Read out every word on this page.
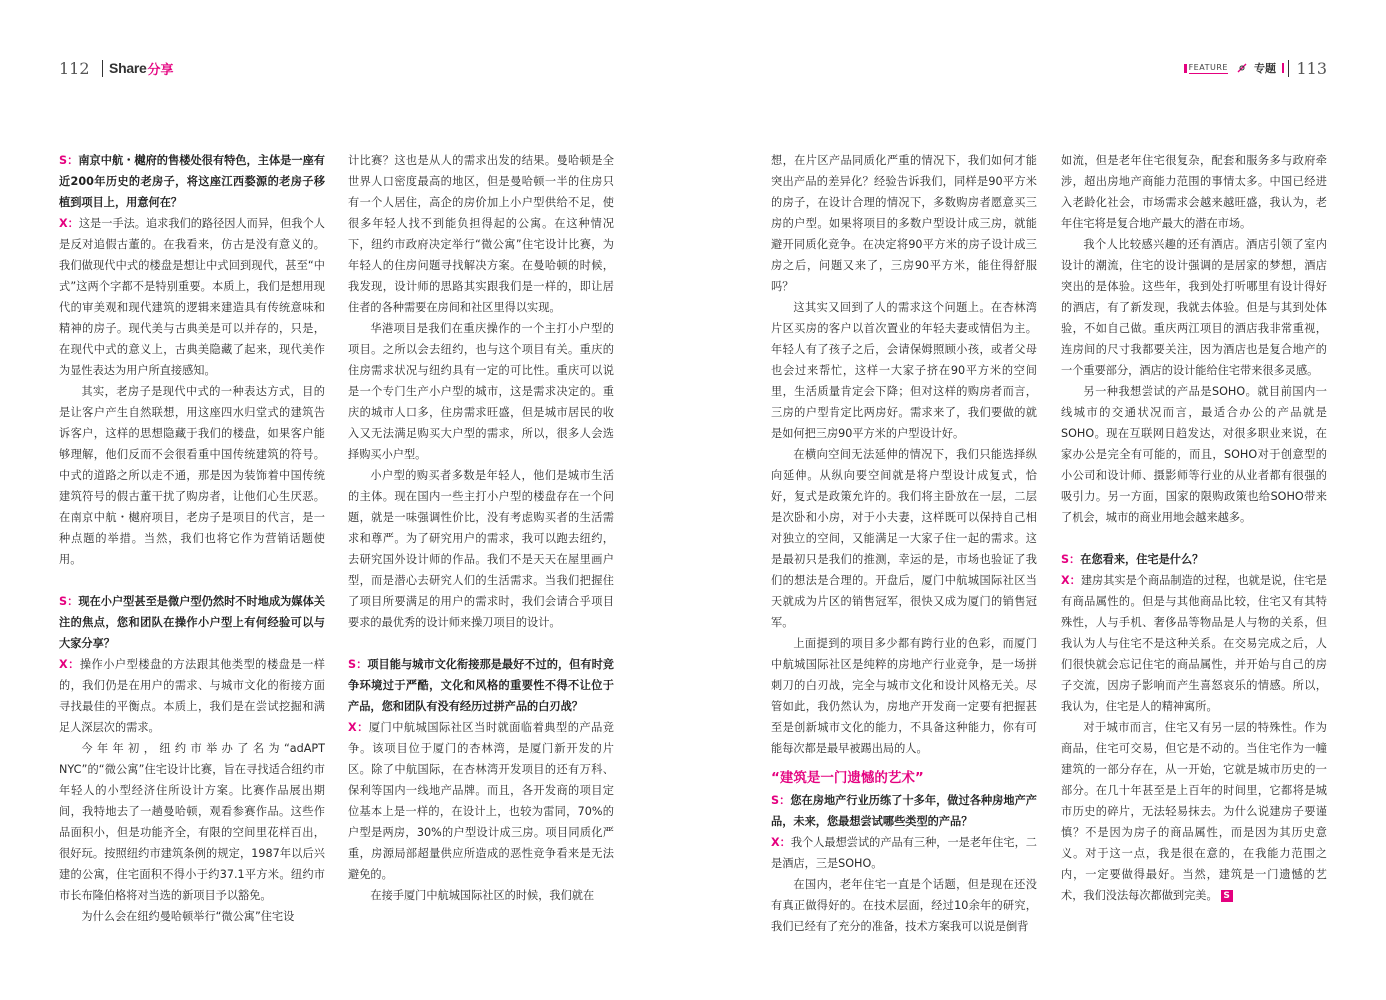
112 Share 分享	FEATURE 专题 113

S：南京中航・樾府的售楼处很有特色，主体是一座有近200年历史的老房子，将这座江西婺源的老房子移植到项目上，用意何在？

X：这是一手法。追求我们的路径因人而异，但我个人是反对追假古董的。在我看来，仿古是没有意义的。我们做现代中式的楼盘是想让中式回到现代，甚至“中式”这两个字都不是特别重要。本质上，我们是想用现代的审美观和现代建筑的逻辑来建造具有传统意味和精神的房子。现代美与古典美是可以并存的，只是，在现代中式的意义上，古典美隐藏了起来，现代美作为显性表达为用户所直接感知。

其实，老房子是现代中式的一种表达方式，目的是让客户产生自然联想，用这座四水归堂式的建筑告诉客户，这样的思想隐藏于我们的楼盘，如果客户能够理解，他们反而不会很看重中国传统建筑的符号。中式的道路之所以走不通，那是因为装饰着中国传统建筑符号的假古董干扰了购房者，让他们心生厌恶。在南京中航・樾府项目，老房子是项目的代言，是一种点题的举措。当然，我们也将它作为营销话题使用。

S：现在小户型甚至是微户型仍然时不时地成为媒体关注的焦点，您和团队在操作小户型上有何经验可以与大家分享？

X：操作小户型楼盘的方法跟其他类型的楼盘是一样的，我们仍是在用户的需求、与城市文化的衔接方面寻找最佳的平衡点。本质上，我们是在尝试挖掘和满足人深层次的需求。

今年年初，纽约市举办了名为“adAPT NYC”的“微公寓”住宅设计比赛，旨在寻找适合纽约市年轻人的小型经济住所设计方案。比赛作品展出期间，我特地去了一趟曼哈顿，观看参赛作品。这些作品面积小，但是功能齐全，有限的空间里花样百出，很好玩。按照纽约市建筑条例的规定，1987年以后兴建的公寓，住宅面积不得小于约37.1平方米。纽约市市长布隆伯格将对当选的新项目予以豁免。

为什么会在纽约曼哈顿举行“微公寓”住宅设

计比赛？这也是从人的需求出发的结果。曼哈顿是全世界人口密度最高的地区，但是曼哈顿一半的住房只有一个人居住，高企的房价加上小户型供给不足，使很多年轻人找不到能负担得起的公寓。在这种情况下，纽约市政府决定举行“微公寓”住宅设计比赛，为年轻人的住房问题寻找解决方案。在曼哈顿的时候，我发现，设计师的思路其实跟我们是一样的，即让居住者的各种需要在房间和社区里得以实现。

华港项目是我们在重庆操作的一个主打小户型的项目。之所以会去纽约，也与这个项目有关。重庆的住房需求状况与纽约具有一定的可比性。重庆可以说是一个专门生产小户型的城市，这是需求决定的。重庆的城市人口多，住房需求旺盛，但是城市居民的收入又无法满足购买大户型的需求，所以，很多人会选择购买小户型。

小户型的购买者多数是年轻人，他们是城市生活的主体。现在国内一些主打小户型的楼盘存在一个问题，就是一味强调性价比，没有考虑购买者的生活需求和尊严。为了研究用户的需求，我可以跑去纽约，去研究国外设计师的作品。我们不是天天在屋里画户型，而是潜心去研究人们的生活需求。当我们把握住了项目所要满足的用户的需求时，我们会请合乎项目要求的最优秀的设计师来操刀项目的设计。

S：项目能与城市文化衔接那是最好不过的，但有时竞争环境过于严酷，文化和风格的重要性不得不让位于产品，您和团队有没有经历过拼产品的白刃战？

X：厦门中航城国际社区当时就面临着典型的产品竞争。该项目位于厦门的杏林湾，是厦门新开发的片区。除了中航国际，在杏林湾开发项目的还有万科、保利等国内一线地产品牌。而且，各开发商的项目定位基本上是一样的，在设计上，也较为雷同，70%的户型是两房，30%的户型设计成三房。项目同质化严重，房源局部超量供应所造成的恶性竞争看来是无法避免的。

在接手厦门中航城国际社区的时候，我们就在

想，在片区产品同质化严重的情况下，我们如何才能突出产品的差异化？经验告诉我们，同样是90平方米的房子，在设计合理的情况下，多数购房者愿意买三房的户型。如果将项目的多数户型设计成三房，就能避开同质化竞争。在决定将90平方米的房子设计成三房之后，问题又来了，三房90平方米，能住得舒服吗？

这其实又回到了人的需求这个问题上。在杏林湾片区买房的客户以首次置业的年轻夫妻或情侣为主。年轻人有了孩子之后，会请保姆照顾小孩，或者父母也会过来帮忙，这样一大家子挤在90平方米的空间里，生活质量肯定会下降；但对这样的购房者而言，三房的户型肯定比两房好。需求来了，我们要做的就是如何把三房90平方米的户型设计好。

在横向空间无法延伸的情况下，我们只能选择纵向延伸。从纵向要空间就是将户型设计成复式，恰好，复式是政策允许的。我们将主卧放在一层，二层是次卧和小房，对于小夫妻，这样既可以保持自己相对独立的空间，又能满足一大家子住一起的需求。这是最初只是我们的推测，幸运的是，市场也验证了我们的想法是合理的。开盘后，厦门中航城国际社区当天就成为片区的销售冠军，很快又成为厦门的销售冠军。

上面提到的项目多少都有跨行业的色彩，而厦门中航城国际社区是纯粹的房地产行业竞争，是一场拼刺刀的白刃战，完全与城市文化和设计风格无关。尽管如此，我仍然认为，房地产开发商一定要有把握甚至是创新城市文化的能力，不具备这种能力，你有可能每次都是最早被踢出局的人。

“建筑是一门遗憾的艺术”

S：您在房地产行业历练了十多年，做过各种房地产产品，未来，您最想尝试哪些类型的产品？

X：我个人最想尝试的产品有三种，一是老年住宅，二是酒店，三是SOHO。

在国内，老年住宅一直是个话题，但是现在还没有真正做得好的。在技术层面，经过10余年的研究，我们已经有了充分的准备，技术方案我可以说是倒背

如流，但是老年住宅很复杂，配套和服务多与政府牵涉，超出房地产商能力范围的事情太多。中国已经进入老龄化社会，市场需求会越来越旺盛，我认为，老年住宅将是复合地产最大的潜在市场。

我个人比较感兴趣的还有酒店。酒店引领了室内设计的潮流，住宅的设计强调的是居家的梦想，酒店突出的是体验。这些年，我到处打听哪里有设计得好的酒店，有了新发现，我就去体验。但是与其到处体验，不如自己做。重庆两江项目的酒店我非常重视，连房间的尺寸我都要关注，因为酒店也是复合地产的一个重要部分，酒店的设计能给住宅带来很多灵感。

另一种我想尝试的产品是SOHO。就目前国内一线城市的交通状况而言，最适合办公的产品就是SOHO。现在互联网日趋发达，对很多职业来说，在家办公是完全有可能的，而且，SOHO对于创意型的小公司和设计师、摄影师等行业的从业者都有很强的吸引力。另一方面，国家的限购政策也给SOHO带来了机会，城市的商业用地会越来越多。

S：在您看来，住宅是什么？

X：建房其实是个商品制造的过程，也就是说，住宅是有商品属性的。但是与其他商品比较，住宅又有其特殊性，人与手机、奢侈品等物品是人与物的关系，但我认为人与住宅不是这种关系。在交易完成之后，人们很快就会忘记住宅的商品属性，并开始与自己的房子交流，因房子影响而产生喜怒哀乐的情感。所以，我认为，住宅是人的精神寓所。

对于城市而言，住宅又有另一层的特殊性。作为商品，住宅可交易，但它是不动的。当住宅作为一幢建筑的一部分存在，从一开始，它就是城市历史的一部分。在几十年甚至是上百年的时间里，它都将是城市历史的碎片，无法轻易抹去。为什么说建房子要谨慎？不是因为房子的商品属性，而是因为其历史意义。对于这一点，我是很在意的，在我能力范围之内，一定要做得最好。当然，建筑是一门遗憾的艺术，我们没法每次都做到完美。 S
